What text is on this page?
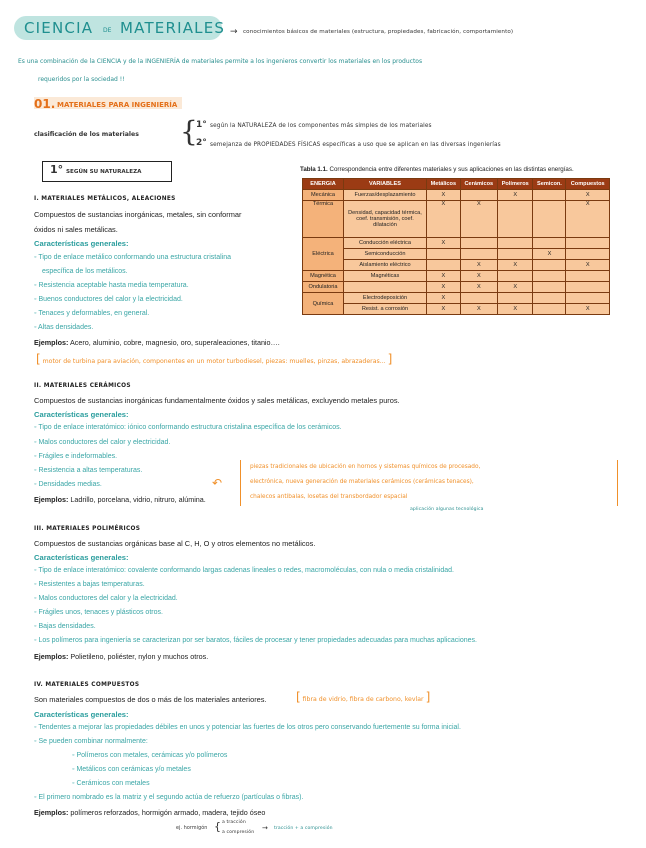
CIENCIA DE MATERIALES → conocimientos básicos de materiales (estructura, propiedades, fabricación, comportamiento)
Es una combinación de la CIENCIA y de la INGENIERÍA de materiales permite a los ingenieros convertir los materiales en los productos
requeridos por la sociedad !!
01. MATERIALES PARA INGENIERÍA
clasificación de los materiales {
1° según la NATURALEZA de los componentes más simples de los materiales
2° semejanza de PROPIEDADES FÍSICAS específicas a uso que se aplican en las diversas ingenierías
1° SEGÚN SU NATURALEZA	Tabla 1.1. Correspondencia entre diferentes materiales y sus aplicaciones en las distintas energías.
ENERGIA	VARIABLES	Metálicos	Cerámicos	Polímeros	Semicon.	Compuestos
Mecánica	Fuerzas/desplazamiento	X		X		X
Térmica	Densidad, capacidad térmica, coef. transmisión, coef. dilatación	X	X			X
Eléctrica	Conducción eléctrica	X				
	Semiconducción				X	
	Aislamiento eléctrico		X	X		X
Magnética	Magnéticas	X	X			
Ondulatoria		X	X	X		
Química	Electrodeposición	X				
	Resist. a corrosión	X	X	X		X
I. MATERIALES METÁLICOS, ALEACIONES
Compuestos de sustancias inorgánicas, metales, sin conformar
óxidos ni sales metálicas.
Características generales:
◦ Tipo de enlace metálico conformando una estructura cristalina
específica de los metálicos.
◦ Resistencia aceptable hasta media temperatura.
◦ Buenos conductores del calor y la electricidad.
◦ Tenaces y deformables, en general.
◦ Altas densidades.
Ejemplos: Acero, aluminio, cobre, magnesio, oro, superaleaciones, titanio….
[ motor de turbina para aviación, componentes en un motor turbodiesel, piezas: muelles, pinzas, abrazaderas... ]
II. MATERIALES CERÁMICOS
Compuestos de sustancias inorgánicas fundamentalmente óxidos y sales metálicas, excluyendo metales puros.
Características generales:
◦ Tipo de enlace interatómico: iónico conformando estructura cristalina específica de los cerámicos.
◦ Malos conductores del calor y electricidad.
◦ Frágiles e indeformables.
◦ Resistencia a altas temperaturas.
◦ Densidades medias.
Ejemplos: Ladrillo, porcelana, vidrio, nitruro, alúmina.
↶
piezas tradicionales de ubicación en hornos y sistemas químicos de procesado,
electrónica, nueva generación de materiales cerámicos (cerámicas tenaces),
chalecos antibalas, losetas del transbordador espacial
aplicación algunas tecnológica
III. MATERIALES POLIMÉRICOS
Compuestos de sustancias orgánicas base al C, H, O y otros elementos no metálicos.
Características generales:
◦ Tipo de enlace interatómico: covalente conformando largas cadenas lineales o redes, macromoléculas, con nula o media cristalinidad.
◦ Resistentes a bajas temperaturas.
◦ Malos conductores del calor y la electricidad.
◦ Frágiles unos, tenaces y plásticos otros.
◦ Bajas densidades.
◦ Los polímeros para ingeniería se caracterizan por ser baratos, fáciles de procesar y tener propiedades adecuadas para muchas aplicaciones.
Ejemplos: Polietileno, poliéster, nylon y muchos otros.
IV. MATERIALES COMPUESTOS
Son materiales compuestos de dos o más de los materiales anteriores. [ fibra de vidrio, fibra de carbono, kevlar ]
Características generales:
◦ Tendentes a mejorar las propiedades débiles en unos y potenciar las fuertes de los otros pero conservando fuertemente su forma inicial.
◦ Se pueden combinar normalmente:
◦ Polímeros con metales, cerámicas y/o polímeros
◦ Metálicos con cerámicas y/o metales
◦ Cerámicos con metales
◦ El primero nombrado es la matriz y el segundo actúa de refuerzo (partículas o fibras).
Ejemplos: polímeros reforzados, hormigón armado, madera, tejido óseo
ej. hormigón { a tracción
a compresión
→ tracción + a compresión
